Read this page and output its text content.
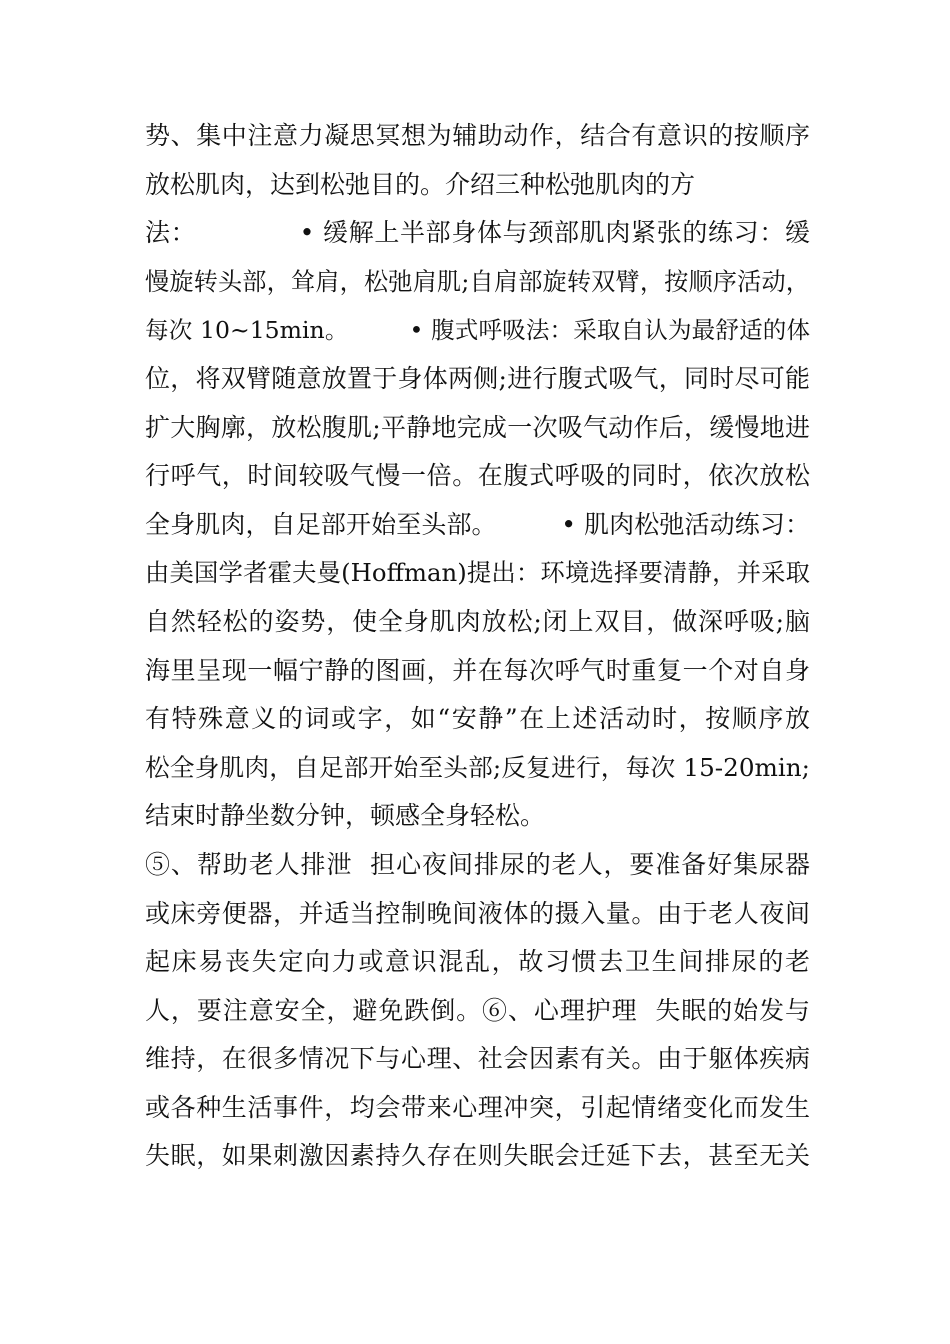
势、集中注意力凝思冥想为辅助动作，结合有意识的按顺序
放松肌肉，达到松弛目的。介绍三种松弛肌肉的方
法：            • 缓解上半部身体与颈部肌肉紧张的练习：缓
慢旋转头部，耸肩，松弛肩肌;自肩部旋转双臂，按顺序活动，
每次 10~15min。        • 腹式呼吸法：采取自认为最舒适的体
位，将双臂随意放置于身体两侧;进行腹式吸气，同时尽可能
扩大胸廓，放松腹肌;平静地完成一次吸气动作后，缓慢地进
行呼气，时间较吸气慢一倍。在腹式呼吸的同时，依次放松
全身肌肉，自足部开始至头部。        • 肌肉松弛活动练习：
由美国学者霍夫曼(Hoffman)提出：环境选择要清静，并采取
自然轻松的姿势，使全身肌肉放松;闭上双目，做深呼吸;脑
海里呈现一幅宁静的图画，并在每次呼气时重复一个对自身
有特殊意义的词或字，如“安静”在上述活动时，按顺序放
松全身肌肉，自足部开始至头部;反复进行，每次 15-20min;
结束时静坐数分钟，顿感全身轻松。
⑤、帮助老人排泄  担心夜间排尿的老人，要准备好集尿器
或床旁便器，并适当控制晚间液体的摄入量。由于老人夜间
起床易丧失定向力或意识混乱，故习惯去卫生间排尿的老
人，要注意安全，避免跌倒。⑥、心理护理  失眠的始发与
维持，在很多情况下与心理、社会因素有关。由于躯体疾病
或各种生活事件，均会带来心理冲突，引起情绪变化而发生
失眠，如果刺激因素持久存在则失眠会迁延下去，甚至无关
